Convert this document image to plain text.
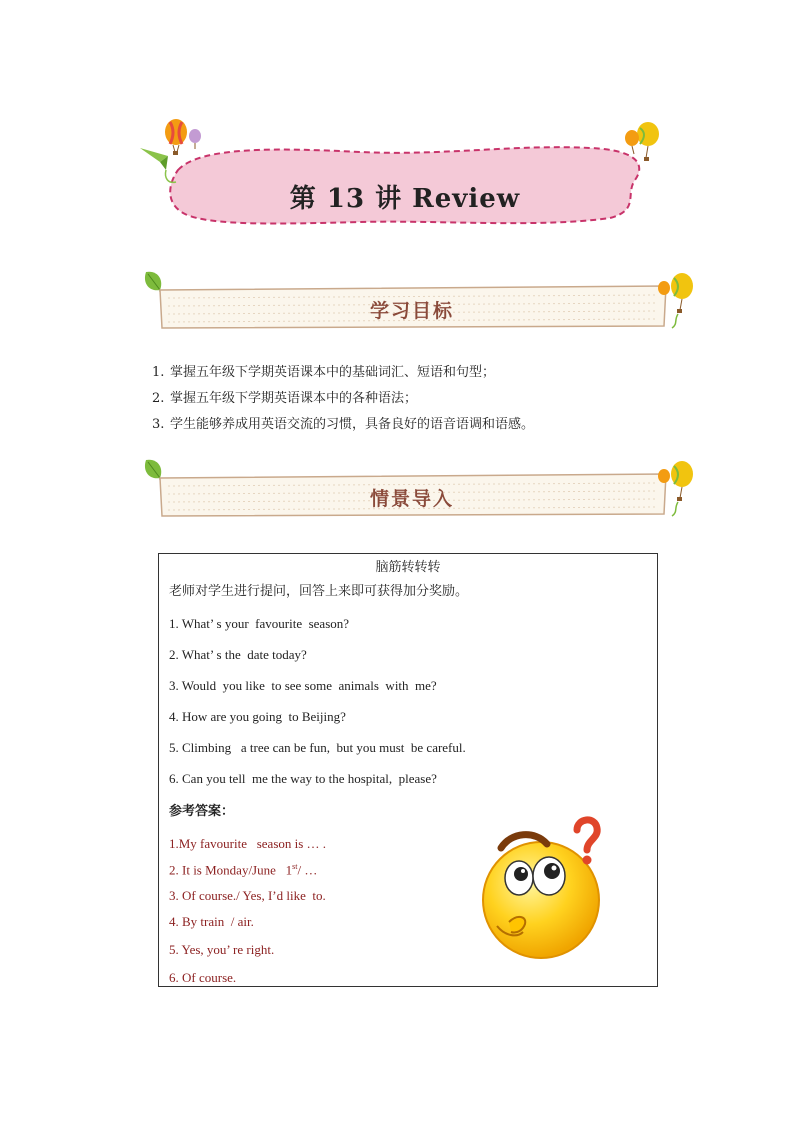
第 13 讲 Review
学习目标
1. 掌握五年级下学期英语课本中的基础词汇、短语和句型；
2. 掌握五年级下学期英语课本中的各种语法；
3. 学生能够养成用英语交流的习惯，具备良好的语音语调和语感。
情景导入
脑筋转转转
老师对学生进行提问，回答上来即可获得加分奖励。
1. What’ s your  favourite  season?
2. What’ s the  date today?
3. Would  you like  to see some  animals  with  me?
4. How are you going  to Beijing?
5. Climbing   a tree can be fun,  but you must  be careful.
6. Can you tell  me the way to the hospital,  please?
参考答案：
1.My favourite   season is … .
2. It is Monday/June   1st/ …
3. Of course./ Yes, I’d like  to.
4. By train  / air.
5. Yes, you’ re right.
6. Of course.
